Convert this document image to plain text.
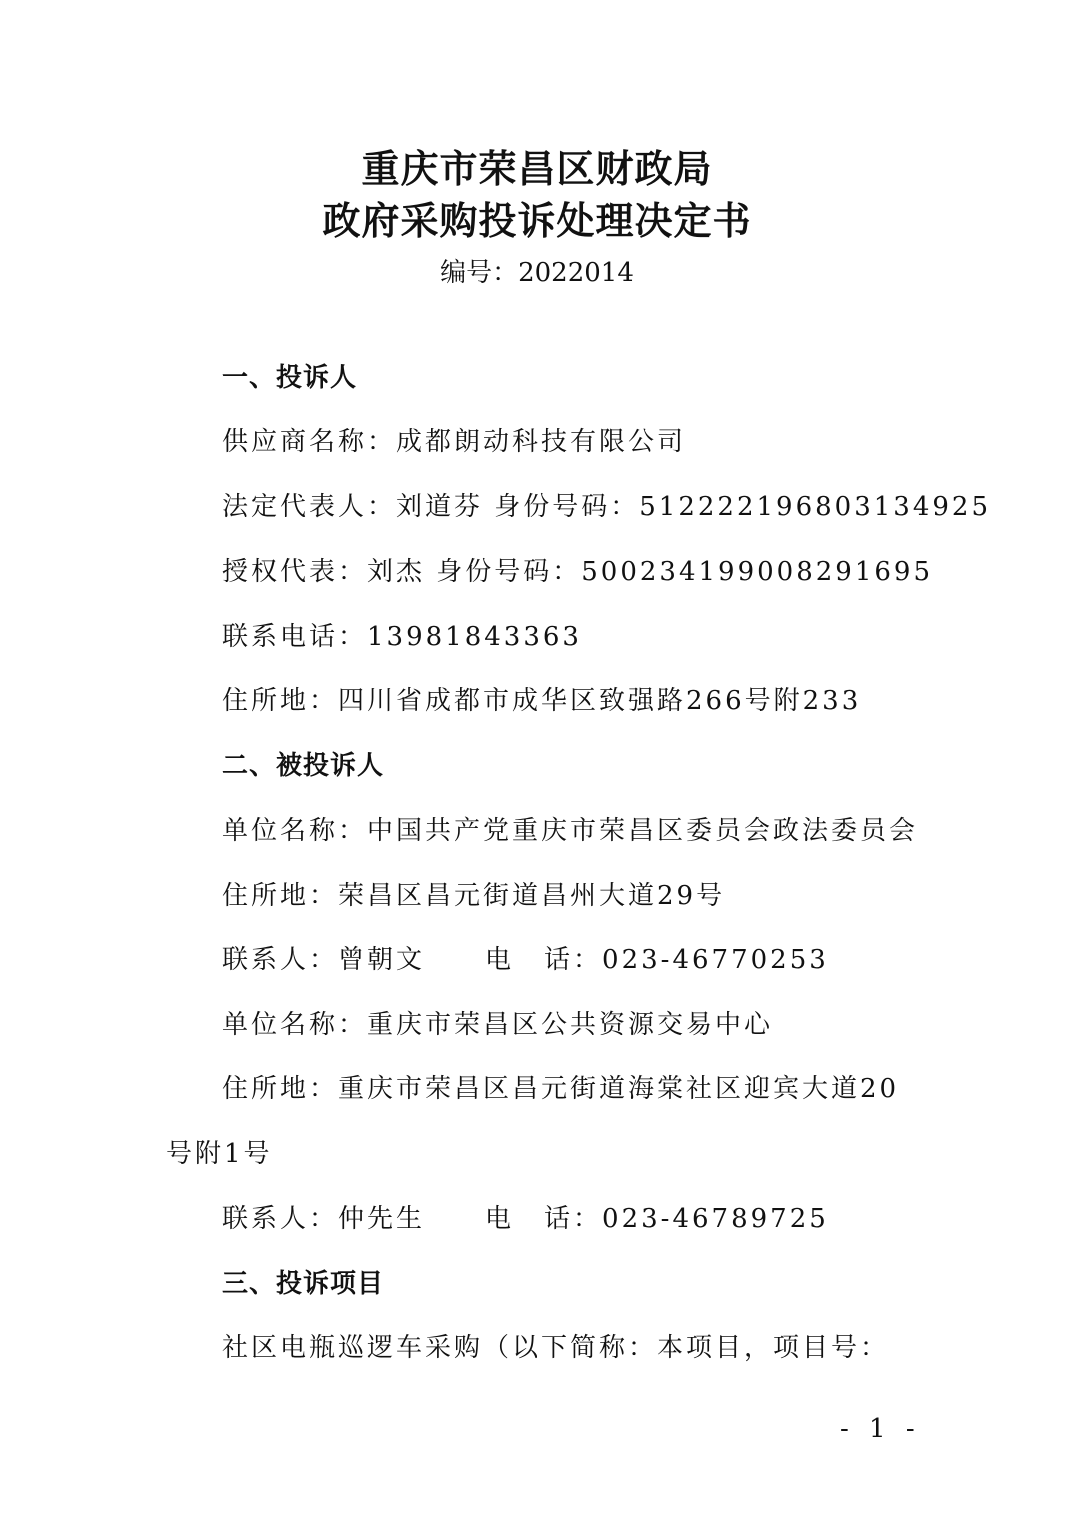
重庆市荣昌区财政局
政府采购投诉处理决定书
编号：2022014
一、投诉人
供应商名称：成都朗动科技有限公司
法定代表人：刘道芬 身份号码：512222196803134925
授权代表：刘杰 身份号码：500234199008291695
联系电话：13981843363
住所地：四川省成都市成华区致强路266号附233
二、被投诉人
单位名称：中国共产党重庆市荣昌区委员会政法委员会
住所地：荣昌区昌元街道昌州大道29号
联系人：曾朝文 电 话：023-46770253
单位名称：重庆市荣昌区公共资源交易中心
住所地：重庆市荣昌区昌元街道海棠社区迎宾大道20
号附1号
联系人：仲先生 电 话：023-46789725
三、投诉项目
社区电瓶巡逻车采购（以下简称：本项目，项目号：
- 1 -
